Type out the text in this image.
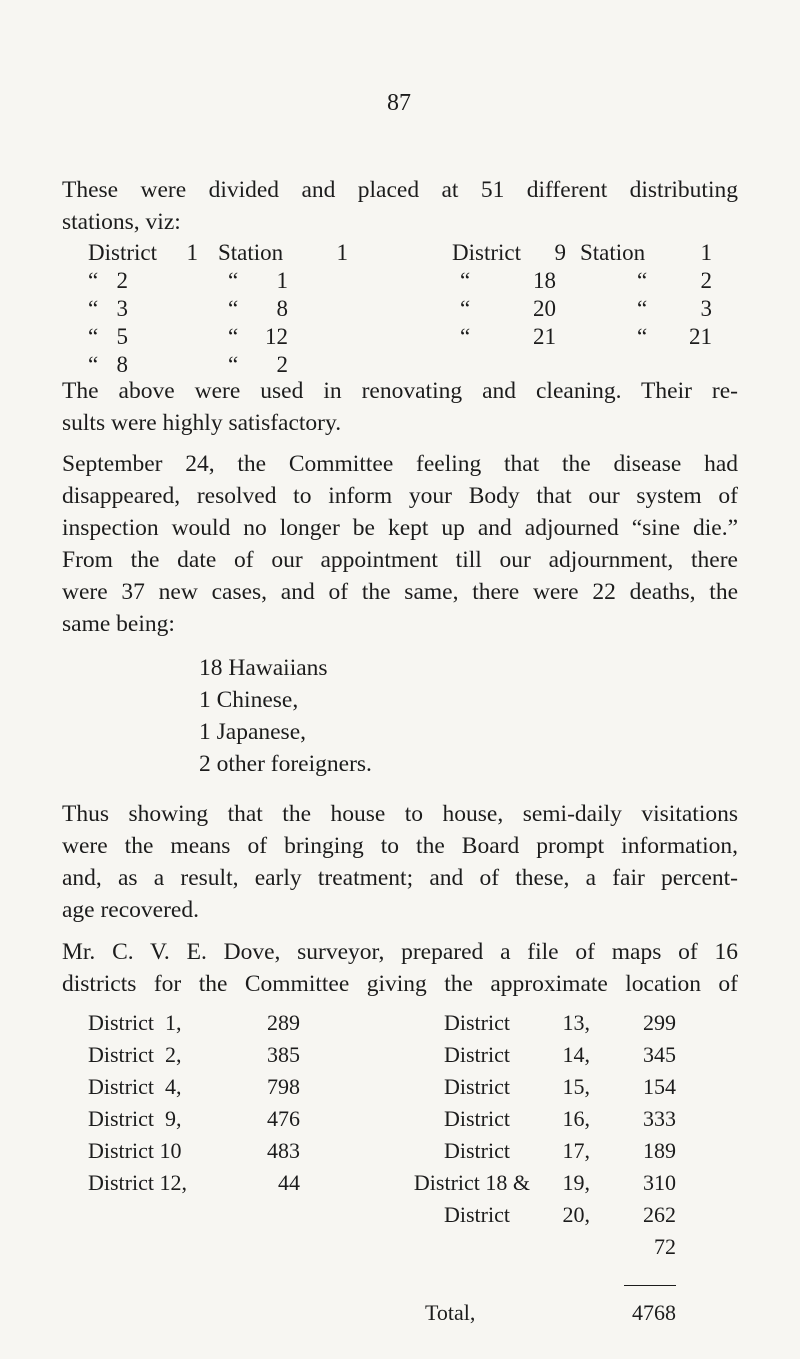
87
These were divided and placed at 51 different distributing
stations, viz:
District	1 Station	1
“ 2	“	1
“ 3	“	8
“ 5	“	12
“ 8	“	2
District	9 Station	1
“	18	“	2
“	20	“	3
“	21	“	21
The above were used in renovating and cleaning. Their re-
sults were highly satisfactory.
September 24, the Committee feeling that the disease had
disappeared, resolved to inform your Body that our system of
inspection would no longer be kept up and adjourned “sine die.”
From the date of our appointment till our adjournment, there
were 37 new cases, and of the same, there were 22 deaths, the
same being:
18 Hawaiians
1 Chinese,
1 Japanese,
2 other foreigners.
Thus showing that the house to house, semi-daily visitations
were the means of bringing to the Board prompt information,
and, as a result, early treatment; and of these, a fair percent-
age recovered.
Mr. C. V. E. Dove, surveyor, prepared a file of maps of 16
districts for the Committee giving the approximate location of
District  1,	289
District  2,	385
District  4,	798
District  9,	476
District 10	483
District 12,	44
District	13,	299
District	14,	345
District	15,	154
District	16,	333
District	17,	189
District 18 &	19,	310
District	20,	262
72
Total,	4768
